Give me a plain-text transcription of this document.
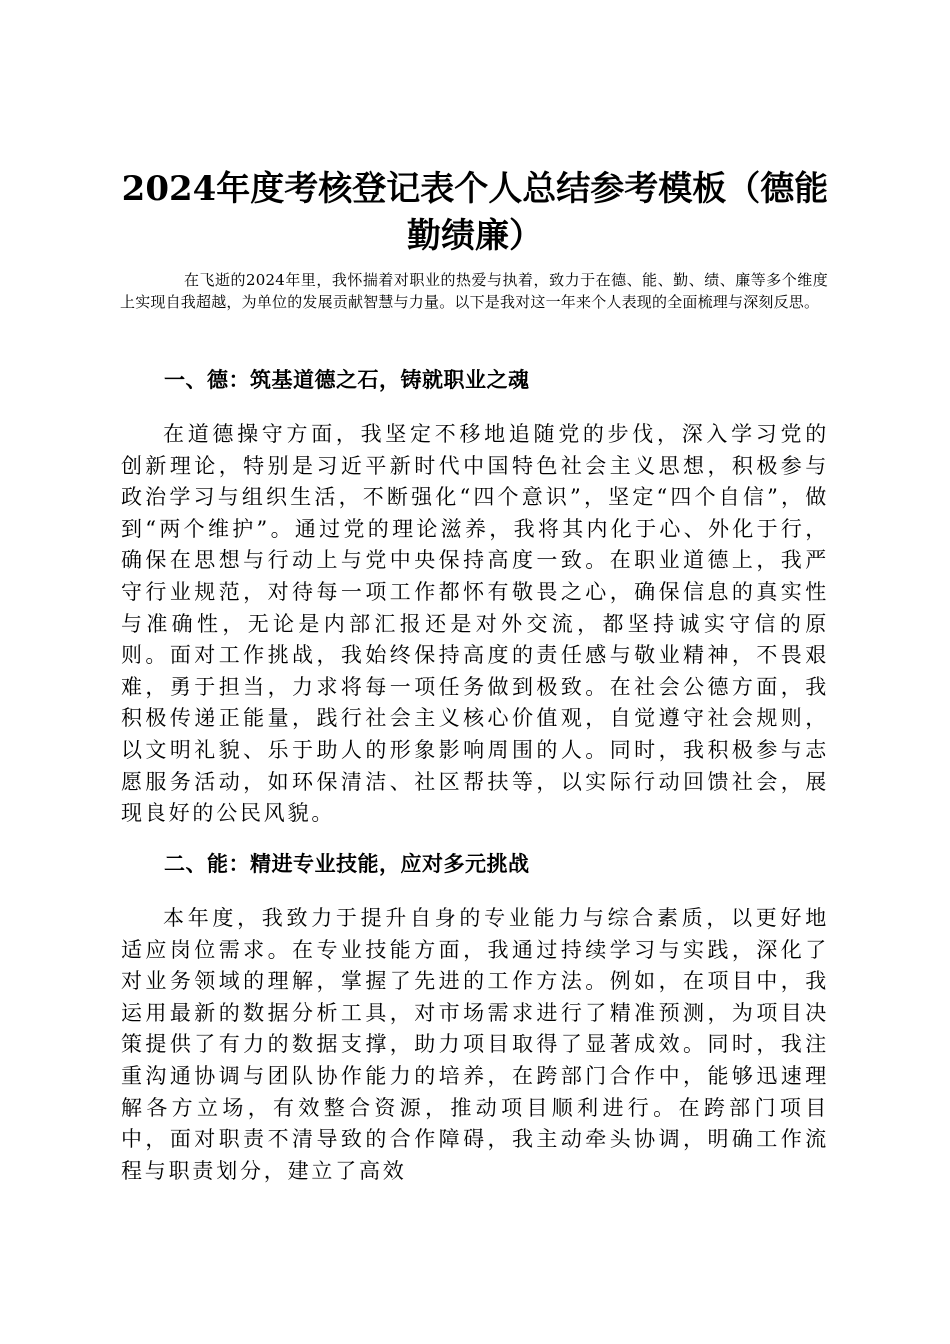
2024年度考核登记表个人总结参考模板（德能勤绩廉）

在飞逝的2024年里，我怀揣着对职业的热爱与执着，致力于在德、能、勤、绩、廉等多个维度上实现自我超越，为单位的发展贡献智慧与力量。以下是我对这一年来个人表现的全面梳理与深刻反思。

一、德：筑基道德之石，铸就职业之魂

在道德操守方面，我坚定不移地追随党的步伐，深入学习党的创新理论，特别是习近平新时代中国特色社会主义思想，积极参与政治学习与组织生活，不断强化“四个意识”，坚定“四个自信”，做到“两个维护”。通过党的理论滋养，我将其内化于心、外化于行，确保在思想与行动上与党中央保持高度一致。在职业道德上，我严守行业规范，对待每一项工作都怀有敬畏之心，确保信息的真实性与准确性，无论是内部汇报还是对外交流，都坚持诚实守信的原则。面对工作挑战，我始终保持高度的责任感与敬业精神，不畏艰难，勇于担当，力求将每一项任务做到极致。在社会公德方面，我积极传递正能量，践行社会主义核心价值观，自觉遵守社会规则，以文明礼貌、乐于助人的形象影响周围的人。同时，我积极参与志愿服务活动，如环保清洁、社区帮扶等，以实际行动回馈社会，展现良好的公民风貌。

二、能：精进专业技能，应对多元挑战

本年度，我致力于提升自身的专业能力与综合素质，以更好地适应岗位需求。在专业技能方面，我通过持续学习与实践，深化了对业务领域的理解，掌握了先进的工作方法。例如，在项目中，我运用最新的数据分析工具，对市场需求进行了精准预测，为项目决策提供了有力的数据支撑，助力项目取得了显著成效。同时，我注重沟通协调与团队协作能力的培养，在跨部门合作中，能够迅速理解各方立场，有效整合资源，推动项目顺利进行。在跨部门项目中，面对职责不清导致的合作障碍，我主动牵头协调，明确工作流程与职责划分，建立了高效
